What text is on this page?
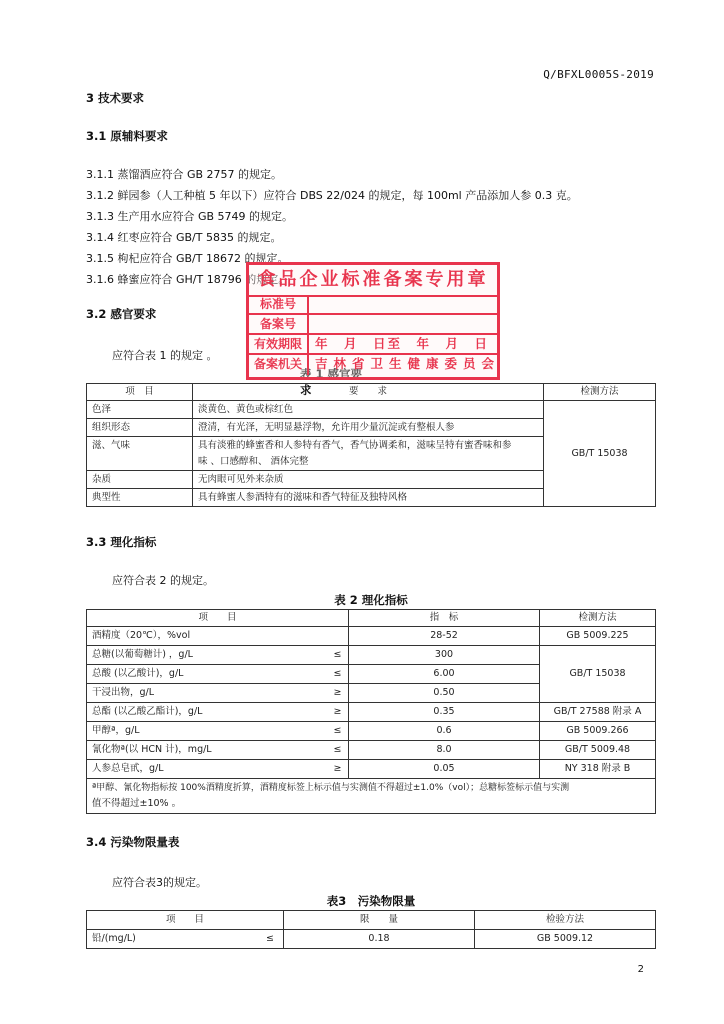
Q/BFXL0005S-2019
3 技术要求
3.1 原辅料要求
3.1.1 蒸馏酒应符合 GB 2757 的规定。
3.1.2 鲜园参（人工种植 5 年以下）应符合 DBS 22/024 的规定，每 100ml 产品添加人参 0.3 克。
3.1.3 生产用水应符合 GB 5749 的规定。
3.1.4 红枣应符合 GB/T 5835 的规定。
3.1.5 枸杞应符合 GB/T 18672 的规定。
3.1.6 蜂蜜应符合 GH/T 18796 的规定。
3.2 感官要求
应符合表 1 的规定 。
表 1 感官要求
项　目	要　　求	检测方法
色泽	淡黄色、黄色或棕红色	GB/T 15038
组织形态	澄清，有光泽，无明显悬浮物，允许用少量沉淀或有整根人参	
滋、气味	具有淡雅的蜂蜜香和人参特有香气，香气协调柔和，滋味呈特有蜜香味和参
味 、口感醇和、 酒体完整	

杂质	无肉眼可见外来杂质	
典型性	具有蜂蜜人参酒特有的滋味和香气特征及独特风格	
3.3 理化指标
应符合表 2 的规定。
表 2 理化指标
项　　目		指　标	检测方法
酒精度（20℃），%vol		28-52	GB 5009.225
总糖(以葡萄糖计) ，g/L	≤	300	GB/T 15038
总酸 (以乙酸计)，g/L	≤	6.00	
干浸出物，g/L	≥	0.50	
总酯 (以乙酸乙酯计)，g/L	≥	0.35	GB/T 27588 附录 A
甲醇ª，g/L	≤	0.6	GB 5009.266
氰化物ª(以 HCN 计)，mg/L	≤	8.0	GB/T 5009.48
人参总皂甙，g/L	≥	0.05	NY 318 附录 B

ª甲醇、氰化物指标按 100%酒精度折算，酒精度标签上标示值与实测值不得超过±1.0%（vol）；总糖标签标示值与实测
值不得超过±10% 。			
3.4 污染物限量表
应符合表3的规定。
表3　污染物限量
项　　目		限　　量	检验方法
铅/(mg/L)	≤	0.18	GB 5009.12
食品企业标准备案专用章
标准号
备案号
有效期限	年　月　日至　年　月　日
备案机关	吉林省卫生健康委员会
2
